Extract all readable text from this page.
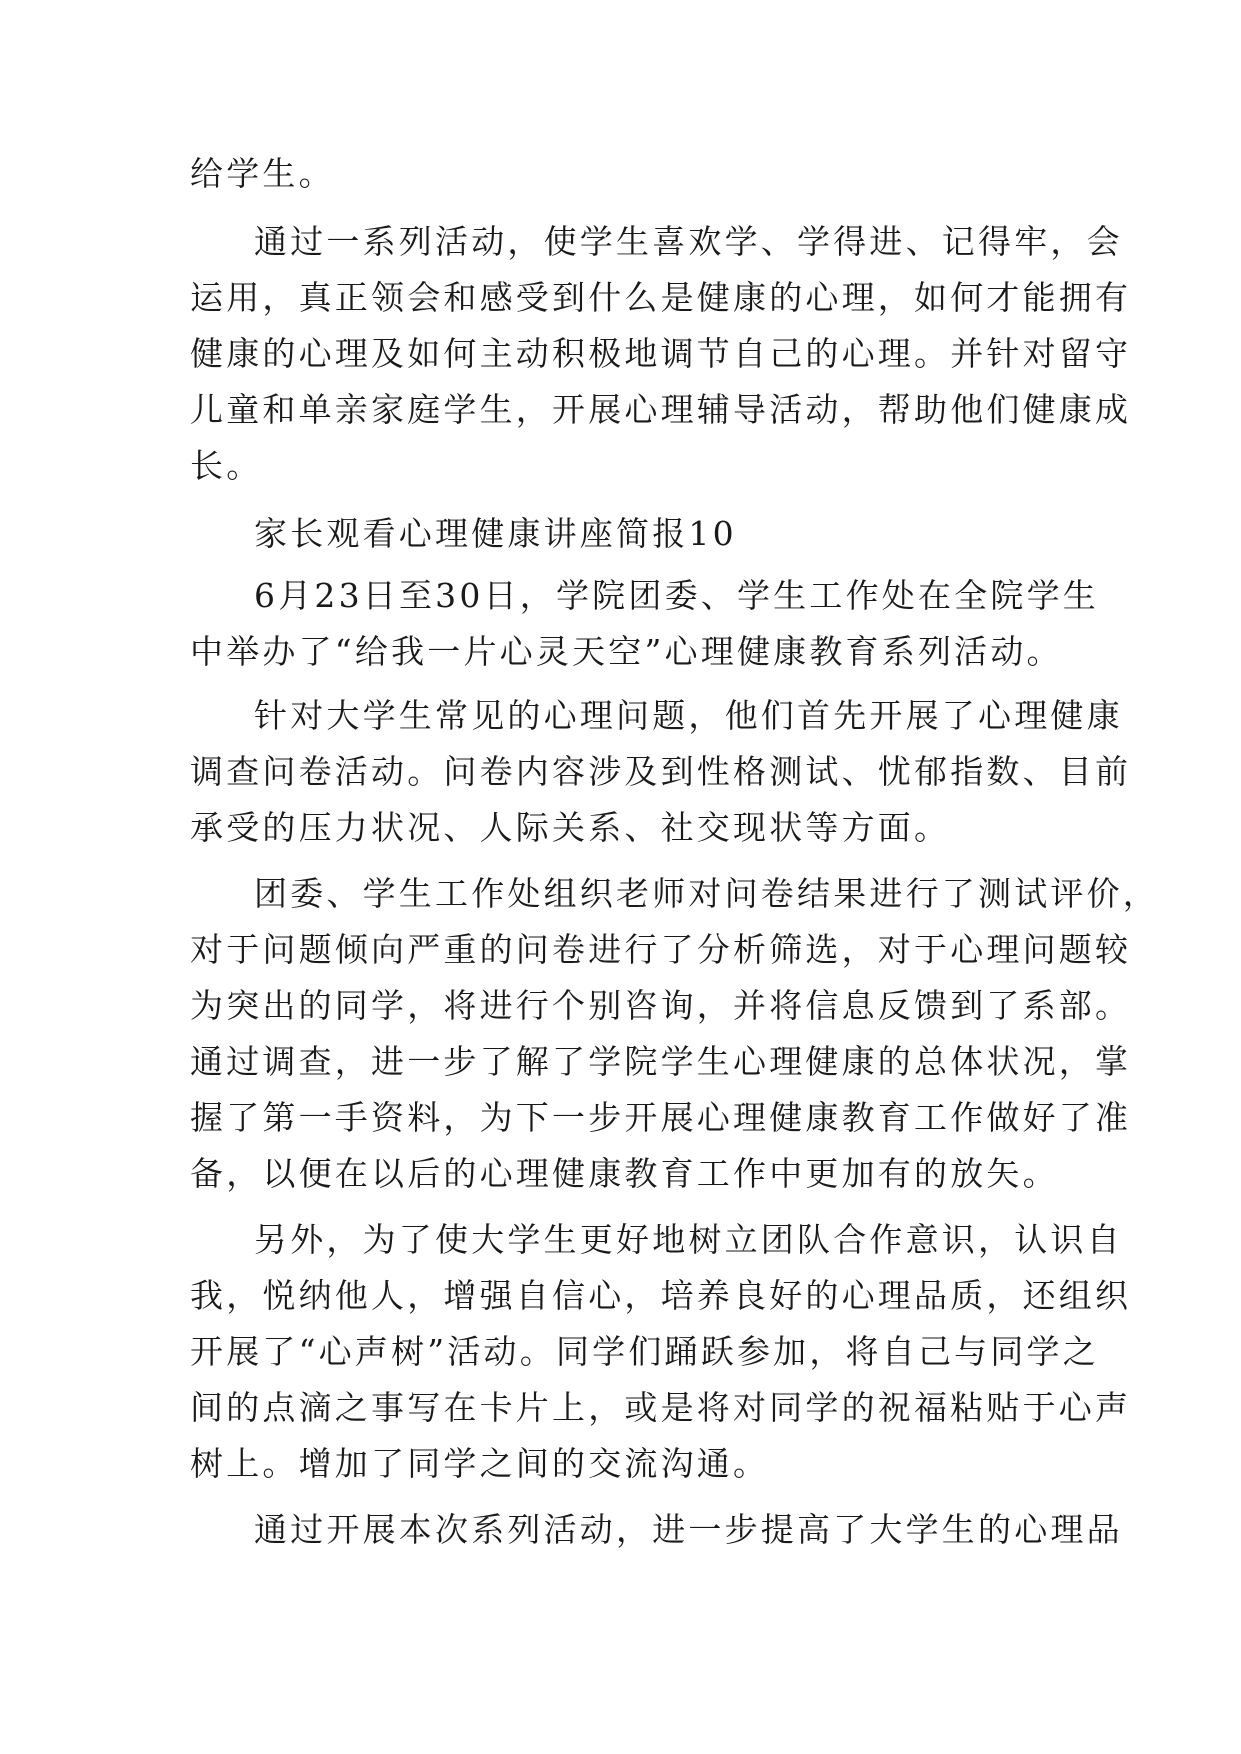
给学生。
通过一系列活动，使学生喜欢学、学得进、记得牢，会
运用，真正领会和感受到什么是健康的心理，如何才能拥有
健康的心理及如何主动积极地调节自己的心理。并针对留守
儿童和单亲家庭学生，开展心理辅导活动，帮助他们健康成
长。
家长观看心理健康讲座简报10
6月23日至30日，学院团委、学生工作处在全院学生
中举办了“给我一片心灵天空”心理健康教育系列活动。
针对大学生常见的心理问题，他们首先开展了心理健康
调查问卷活动。问卷内容涉及到性格测试、忧郁指数、目前
承受的压力状况、人际关系、社交现状等方面。
团委、学生工作处组织老师对问卷结果进行了测试评价，
对于问题倾向严重的问卷进行了分析筛选，对于心理问题较
为突出的同学，将进行个别咨询，并将信息反馈到了系部。
通过调查，进一步了解了学院学生心理健康的总体状况，掌
握了第一手资料，为下一步开展心理健康教育工作做好了准
备，以便在以后的心理健康教育工作中更加有的放矢。
另外，为了使大学生更好地树立团队合作意识，认识自
我，悦纳他人，增强自信心，培养良好的心理品质，还组织
开展了“心声树”活动。同学们踊跃参加，将自己与同学之
间的点滴之事写在卡片上，或是将对同学的祝福粘贴于心声
树上。增加了同学之间的交流沟通。
通过开展本次系列活动，进一步提高了大学生的心理品
